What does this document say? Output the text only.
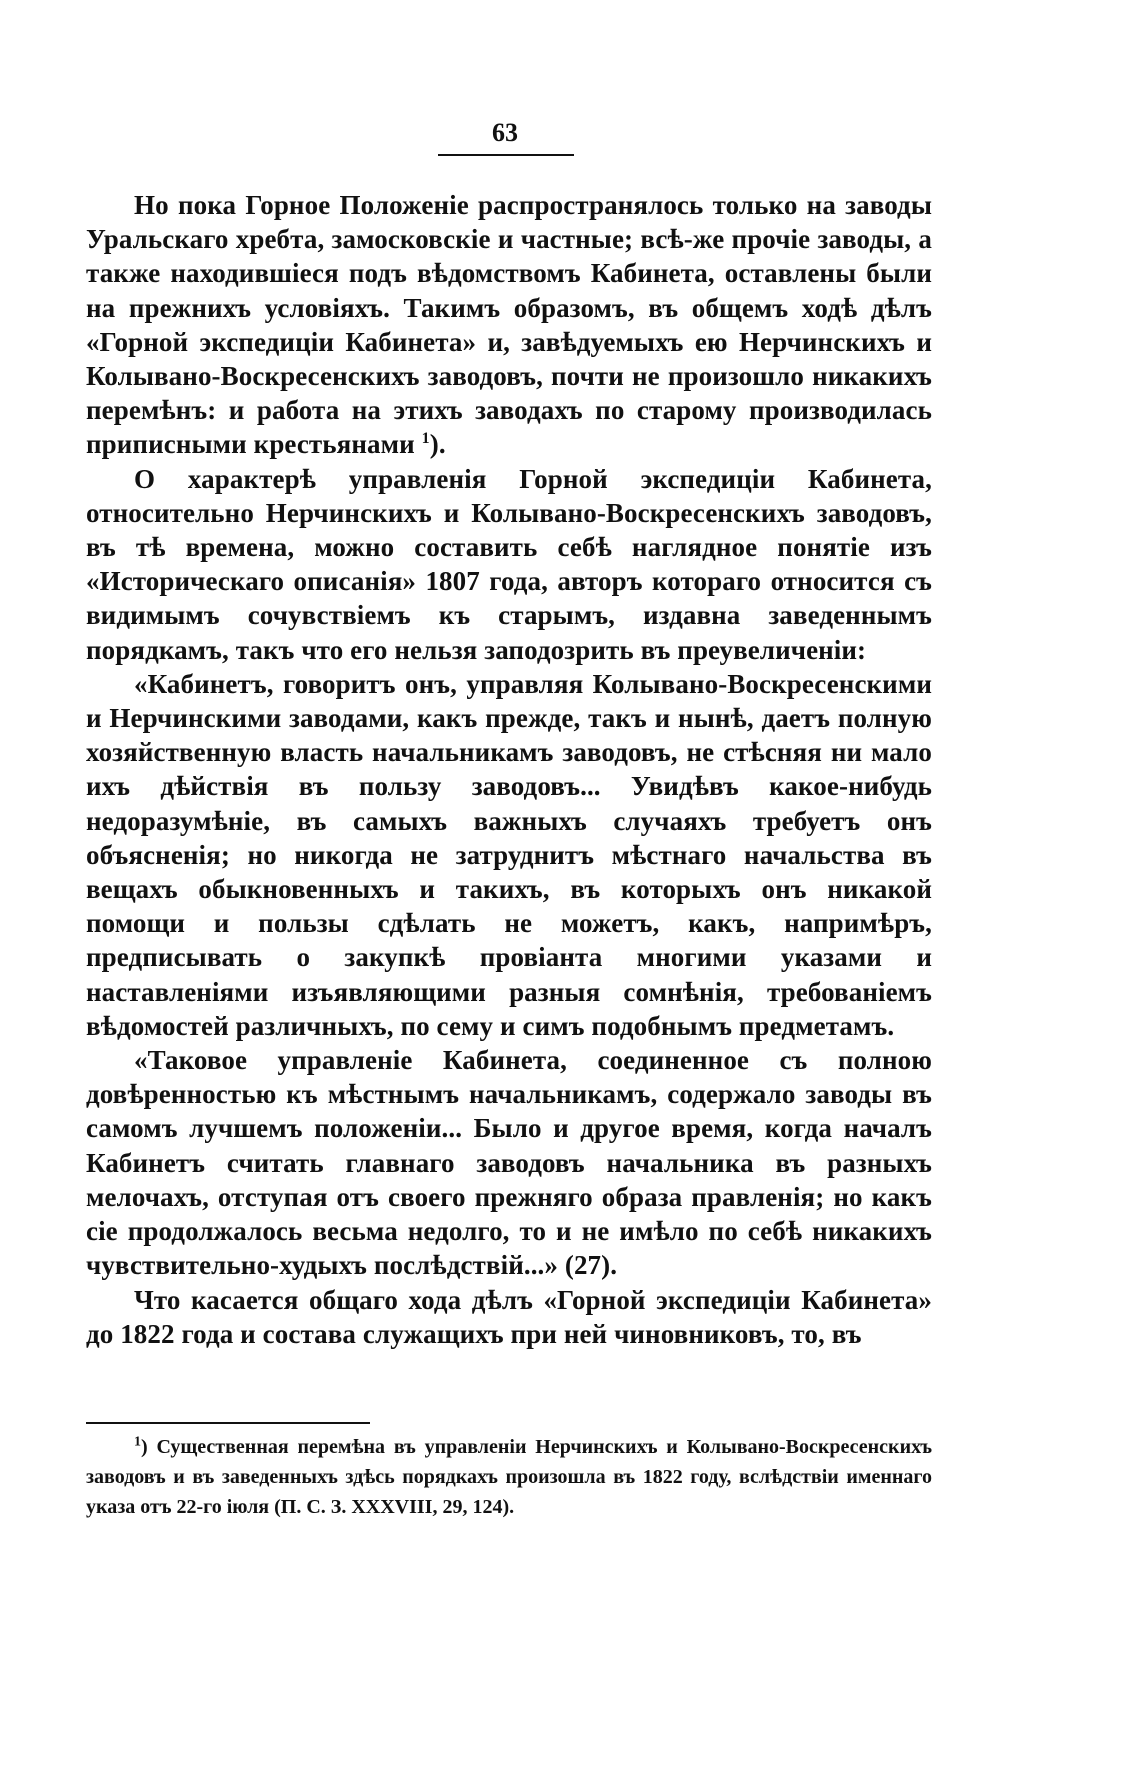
63

Но пока Горное Положеніе распространялось только на заводы Уральскаго хребта, замосковскіе и частные; всѣ-же прочіе заводы, а также находившіеся подъ вѣдомствомъ Кабинета, оставлены были на прежнихъ условіяхъ. Такимъ образомъ, въ общемъ ходѣ дѣлъ «Горной экспедиціи Кабинета» и, завѣдуемыхъ ею Нерчинскихъ и Колывано-Воскресенскихъ заводовъ, почти не произошло никакихъ перемѣнъ: и работа на этихъ заводахъ по старому производилась приписными крестьянами $^1$).

О характерѣ управленія Горной экспедиціи Кабинета, относительно Нерчинскихъ и Колывано-Воскресенскихъ заводовъ, въ тѣ времена, можно составить себѣ наглядное понятіе изъ «Историческаго описанія» 1807 года, авторъ котораго относится съ видимымъ сочувствіемъ къ старымъ, издавна заведеннымъ порядкамъ, такъ что его нельзя заподозрить въ преувеличеніи:

«Кабинетъ, говоритъ онъ, управляя Колывано-Воскресенскими и Нерчинскими заводами, какъ прежде, такъ и нынѣ, даетъ полную хозяйственную власть начальникамъ заводовъ, не стѣсняя ни мало ихъ дѣйствія въ пользу заводовъ... Увидѣвъ какое-нибудь недоразумѣніе, въ самыхъ важныхъ случаяхъ требуетъ онъ объясненія; но никогда не затруднитъ мѣстнаго начальства въ вещахъ обыкновенныхъ и такихъ, въ которыхъ онъ никакой помощи и пользы сдѣлать не можетъ, какъ, напримѣръ, предписывать о закупкѣ провіанта многими указами и наставленіями изъявляющими разныя сомнѣнія, требованіемъ вѣдомостей различныхъ, по сему и симъ подобнымъ предметамъ.

«Таковое управленіе Кабинета, соединенное съ полною довѣренностью къ мѣстнымъ начальникамъ, содержало заводы въ самомъ лучшемъ положеніи... Было и другое время, когда началъ Кабинетъ считать главнаго заводовъ начальника въ разныхъ мелочахъ, отступая отъ своего прежняго образа правленія; но какъ сіе продолжалось весьма недолго, то и не имѣло по себѣ никакихъ чувствительно-худыхъ послѣдствій...» (27).

Что касается общаго хода дѣлъ «Горной экспедиціи Кабинета» до 1822 года и состава служащихъ при ней чиновниковъ, то, въ

$^1$) Существенная перемѣна въ управленіи Нерчинскихъ и Колывано-Воскресенскихъ заводовъ и въ заведенныхъ здѣсь порядкахъ произошла въ 1822 году, вслѣдствіи именнаго указа отъ 22-го іюля (П. С. З. XXXVIII, 29, 124).
